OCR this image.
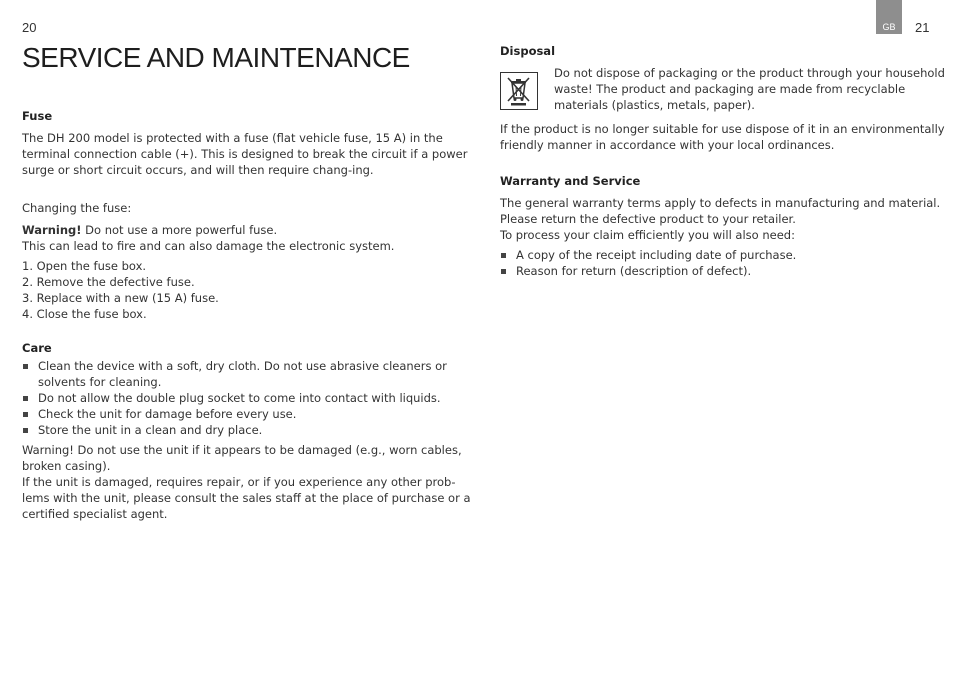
20	GB	21
SERVICE AND MAINTENANCE
Fuse
The DH 200 model is protected with a fuse (flat vehicle fuse, 15 A) in the
terminal connection cable (+). This is designed to break the circuit if a power
surge or short circuit occurs, and will then require chang-ing.
Changing the fuse:
Warning! Do not use a more powerful fuse.
This can lead to fire and can also damage the electronic system.
1. Open the fuse box.
2. Remove the defective fuse.
3. Replace with a new (15 A) fuse.
4. Close the fuse box.
Care
Clean the device with a soft, dry cloth. Do not use abrasive cleaners or
solvents for cleaning.
Do not allow the double plug socket to come into contact with liquids.
Check the unit for damage before every use.
Store the unit in a clean and dry place.
Warning! Do not use the unit if it appears to be damaged (e.g., worn cables,
broken casing).
If the unit is damaged, requires repair, or if you experience any other prob-
lems with the unit, please consult the sales staff at the place of purchase or a
certified specialist agent.
Disposal
Do not dispose of packaging or the product through your household
waste! The product and packaging are made from recyclable
materials (plastics, metals, paper).
If the product is no longer suitable for use dispose of it in an environmentally
friendly manner in accordance with your local ordinances.
Warranty and Service
The general warranty terms apply to defects in manufacturing and material.
Please return the defective product to your retailer.
To process your claim efficiently you will also need:
A copy of the receipt including date of purchase.
Reason for return (description of defect).
